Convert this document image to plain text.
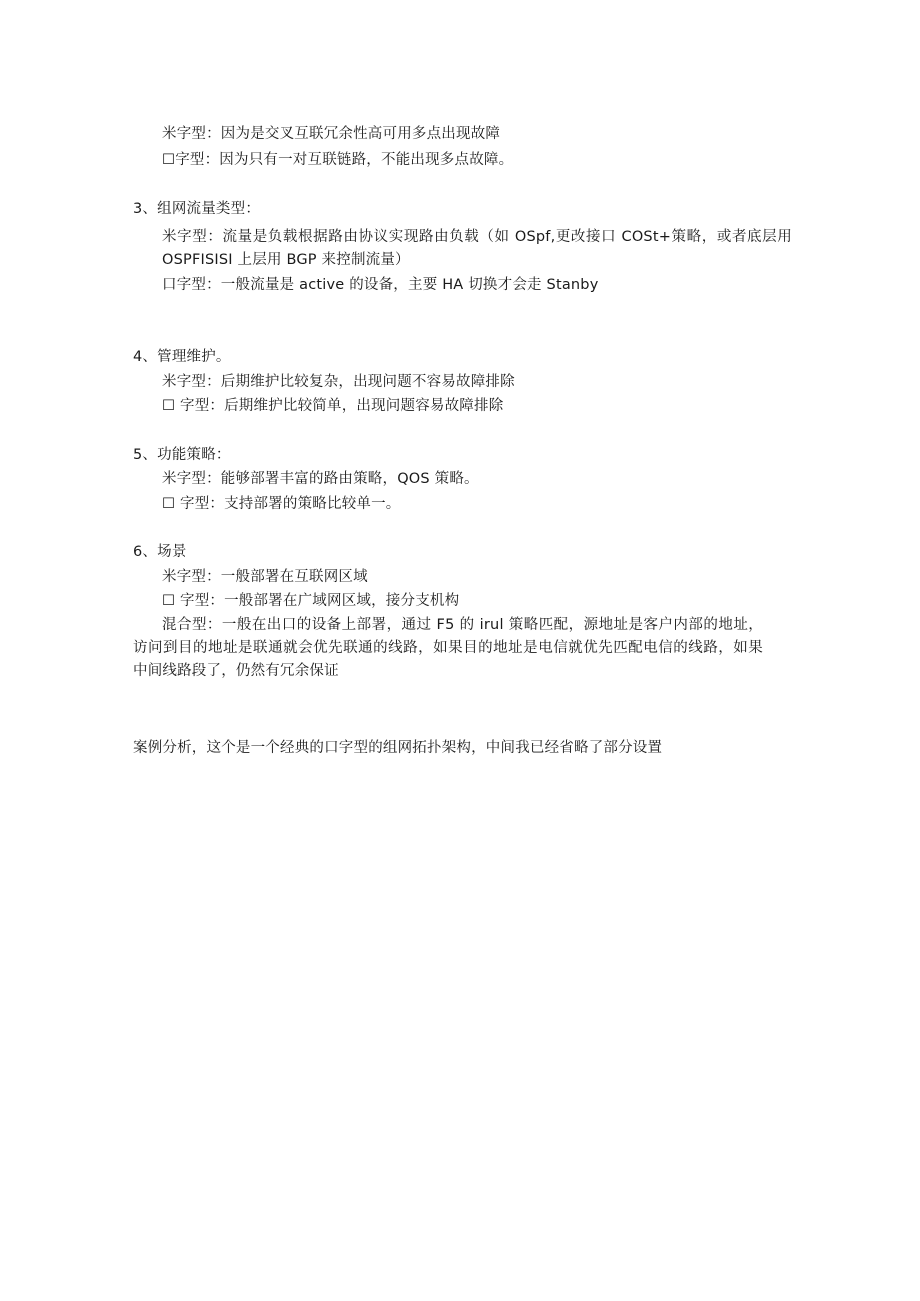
米字型：因为是交叉互联冗余性高可用多点出现故障
☐字型：因为只有一对互联链路，不能出现多点故障。
3、组网流量类型：
米字型：流量是负载根据路由协议实现路由负载（如 OSpf,更改接口 COSt+策略，或者底层用 OSPFISISI 上层用 BGP 来控制流量）
口字型：一般流量是 active 的设备，主要 HA 切换才会走 Stanby
4、管理维护。
米字型：后期维护比较复杂，出现问题不容易故障排除
☐ 字型：后期维护比较简单，出现问题容易故障排除
5、功能策略：
米字型：能够部署丰富的路由策略，QOS 策略。
☐ 字型：支持部署的策略比较单一。
6、场景
米字型：一般部署在互联网区域
☐ 字型：一般部署在广域网区域，接分支机构
混合型：一般在出口的设备上部署，通过 F5 的 irul 策略匹配，源地址是客户内部的地址，访问到目的地址是联通就会优先联通的线路，如果目的地址是电信就优先匹配电信的线路，如果中间线路段了，仍然有冗余保证
案例分析，这个是一个经典的口字型的组网拓扑架构，中间我已经省略了部分设置
